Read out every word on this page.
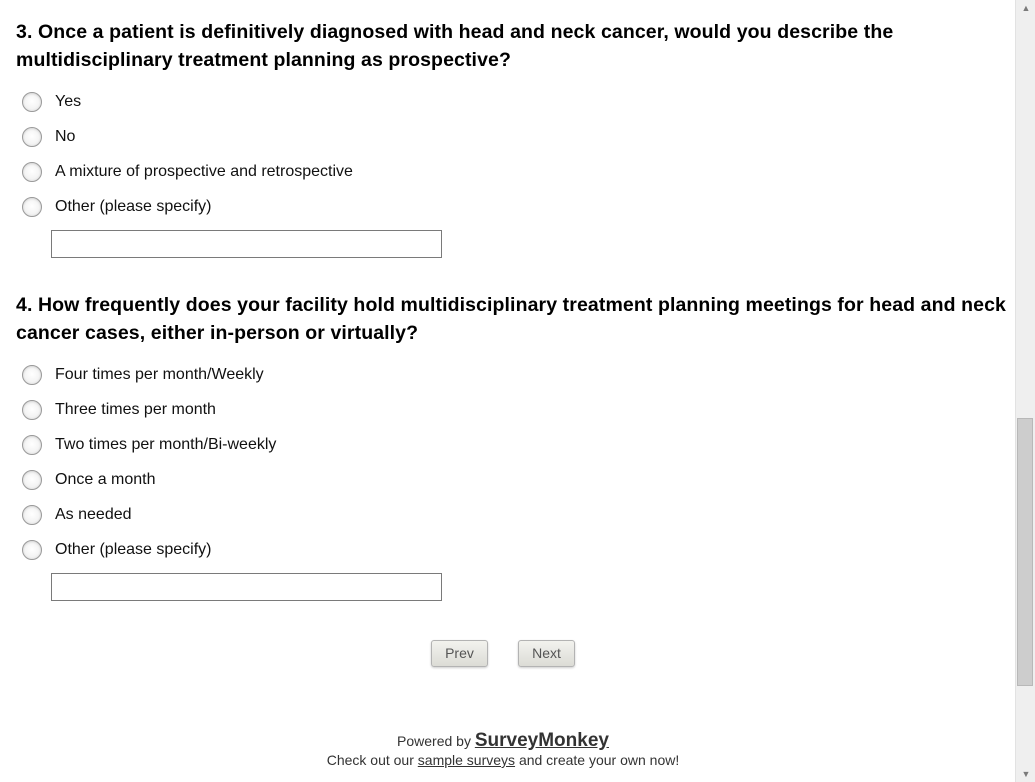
3. Once a patient is definitively diagnosed with head and neck cancer, would you describe the multidisciplinary treatment planning as prospective?
Yes
No
A mixture of prospective and retrospective
Other (please specify)
4. How frequently does your facility hold multidisciplinary treatment planning meetings for head and neck cancer cases, either in-person or virtually?
Four times per month/Weekly
Three times per month
Two times per month/Bi-weekly
Once a month
As needed
Other (please specify)
Prev	Next
Powered by SurveyMonkey
Check out our sample surveys and create your own now!
▲
▼
